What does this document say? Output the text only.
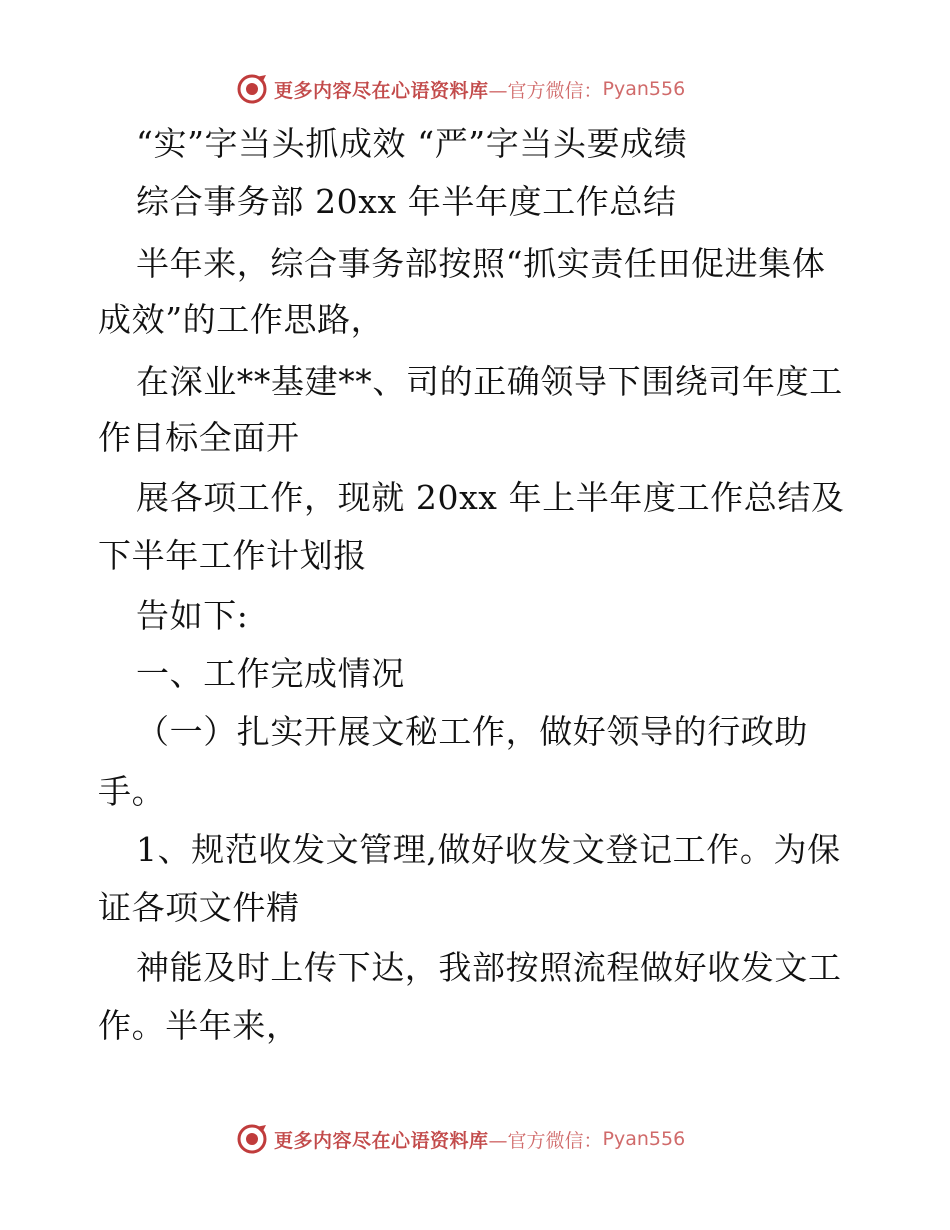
更多内容尽在心语资料库 —官方微信： Pyan556
“实”字当头抓成效 “严”字当头要成绩
综合事务部 20xx 年半年度工作总结
半年来，综合事务部按照“抓实责任田促进集体
成效”的工作思路，
在深业**基建**、司的正确领导下围绕司年度工
作目标全面开
展各项工作，现就 20xx 年上半年度工作总结及
下半年工作计划报
告如下:
一、工作完成情况
（一）扎实开展文秘工作，做好领导的行政助
手。
1、规范收发文管理,做好收发文登记工作。为保
证各项文件精
神能及时上传下达，我部按照流程做好收发文工
作。半年来，
更多内容尽在心语资料库 —官方微信： Pyan556
